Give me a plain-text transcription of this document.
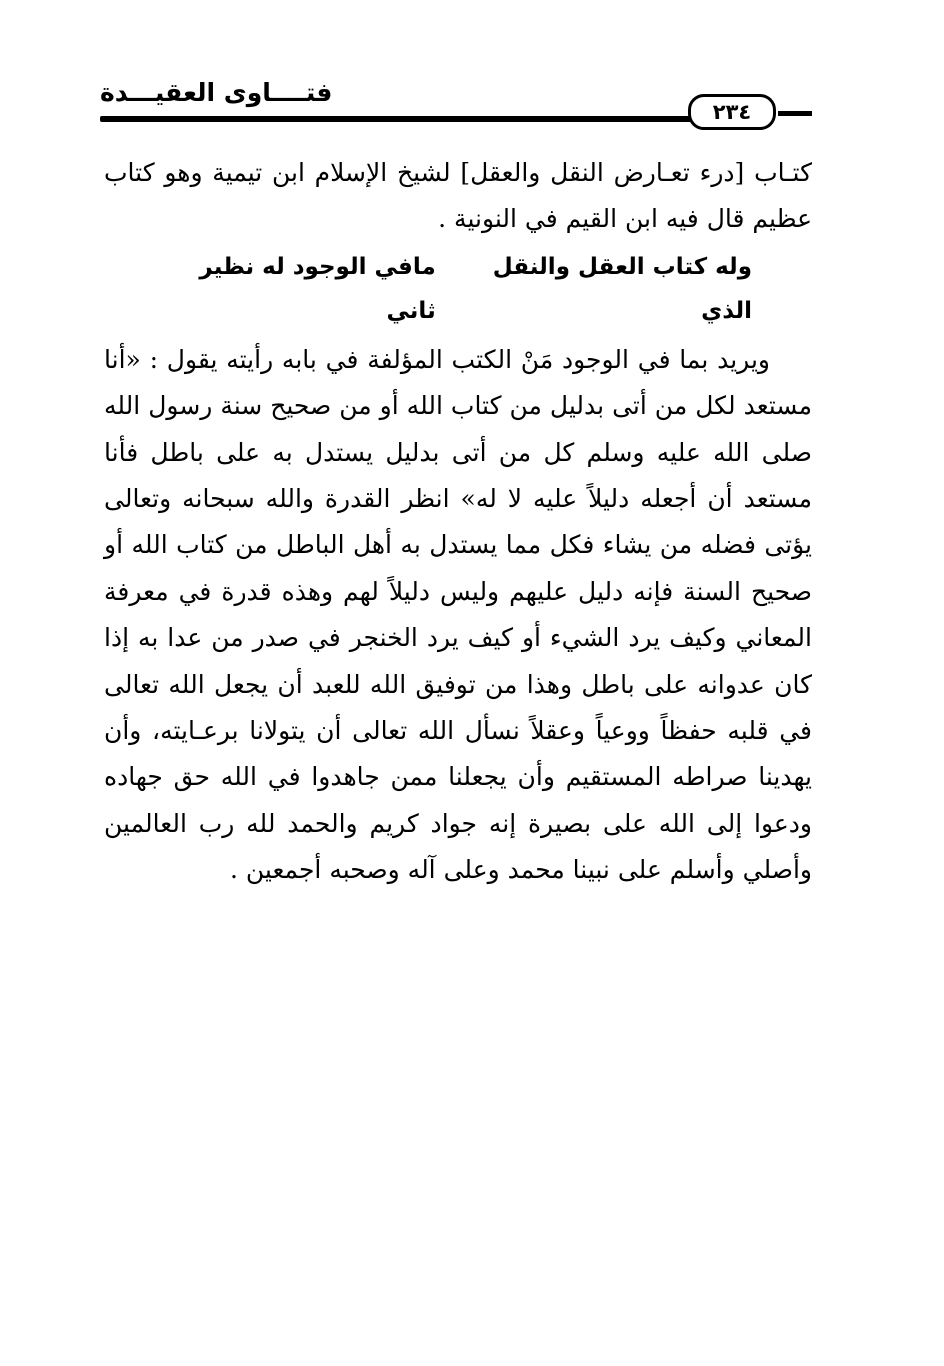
فتــــاوى العقيـــدة
٢٣٤

كتـاب [درء تعـارض النقل والعقل] لشيخ الإسلام ابن تيمية وهو كتاب عظيم قال فيه ابن القيم في النونية .

وله كتاب العقل والنقل الذي
مافي الوجود له نظير ثاني

ويريد بما في الوجود مَنْ الكتب المؤلفة في بابه رأيته يقول : «أنا مستعد لكل من أتى بدليل من كتاب الله أو من صحيح سنة رسول الله صلى الله عليه وسلم كل من أتى بدليل يستدل به على باطل فأنا مستعد أن أجعله دليلاً عليه لا له» انظر القدرة والله سبحانه وتعالى يؤتى فضله من يشاء فكل مما يستدل به أهل الباطل من كتاب الله أو صحيح السنة فإنه دليل عليهم وليس دليلاً لهم وهذه قدرة في معرفة المعاني وكيف يرد الشيء أو كيف يرد الخنجر في صدر من عدا به إذا كان عدوانه على باطل وهذا من توفيق الله للعبد أن يجعل الله تعالى في قلبه حفظاً ووعياً وعقلاً نسأل الله تعالى أن يتولانا برعـايته، وأن يهدينا صراطه المستقيم وأن يجعلنا ممن جاهدوا في الله حق جهاده ودعوا إلى الله على بصيرة إنه جواد كريم والحمد لله رب العالمين وأصلي وأسلم على نبينا محمد وعلى آله وصحبه أجمعين .
